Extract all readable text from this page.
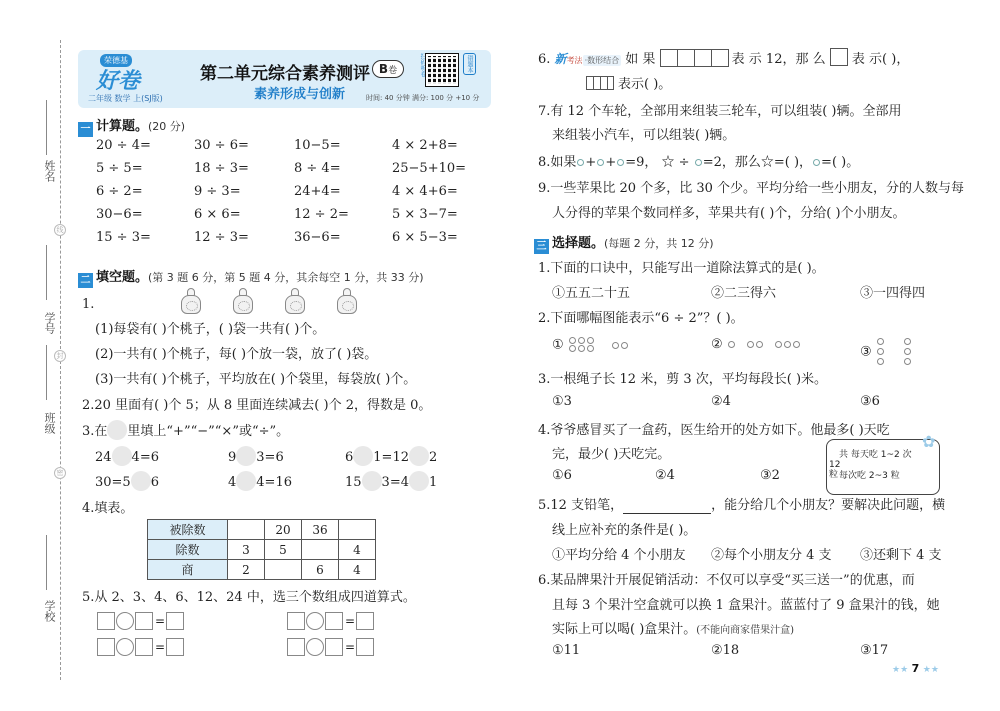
姓名
学号
班级
学校
线
封
密
荣德基
好卷
二年级 数学 上(SJ版)
第二单元综合素养测评 B卷
素养形成与创新
扫码听卷	错题本
时间: 40 分钟 满分: 100 分 +10 分
一 计算题。(20 分)
20 ÷ 4=	30 ÷ 6=	10−5=	4 × 2+8=
5 ÷ 5=	18 ÷ 3=	8 ÷ 4=	25−5+10=
6 ÷ 2=	9 ÷ 3=	24+4=	4 × 4+6=
30−6=	6 × 6=	12 ÷ 2=	5 × 3−7=
15 ÷ 3=	12 ÷ 3=	36−6=	6 × 5−3=
二 填空题。(第 3 题 6 分，第 5 题 4 分，其余每空 1 分，共 33 分)
1.
(1)每袋有( )个桃子，( )袋一共有( )个。
(2)一共有( )个桃子，每( )个放一袋，放了( )袋。
(3)一共有( )个桃子，平均放在( )个袋里，每袋放( )个。
2.20 里面有( )个 5；从 8 里面连续减去( )个 2，得数是 0。
3.在 里填上“+”“−”“×”或“÷”。
24 4=6	9 3=6	6 1=12 2
30=5 6	4 4=16	15 3=4 1
4.填表。
被除数		20	36	
除数	3	5		4
商	2		6	4
5.从 2、3、4、6、12、24 中，选三个数组成四道算式。
=
=
=
=
6. 新考法 ·数形结合 如 果	表 示 12，那 么 表 示( )，
表示( )。
7.有 12 个车轮，全部用来组装三轮车，可以组装( )辆。全部用
来组装小汽车，可以组装( )辆。
8.如果 + + =9， ☆ ÷ =2，那么☆=( )， =( )。
9.一些苹果比 20 个多，比 30 个少。平均分给一些小朋友，分的人数与每
人分得的苹果个数同样多，苹果共有( )个，分给( )个小朋友。
三 选择题。(每题 2 分，共 12 分)
1.下面的口诀中，只能写出一道除法算式的是( )。
①五五二十五	②二三得六	③一四得四
2.下面哪幅图能表示“6 ÷ 2”？( )。
①
	②	③

3.一根绳子长 12 米，剪 3 次，平均每段长( )米。
①3	②4	③6
4.爷爷感冒买了一盒药，医生给开的处方如下。他最多( )天吃
完，最少( )天吃完。
①6	②4	③2
共 每天吃 1~2 次
12
粒 每次吃 2~3 粒
✿
5.12 支铅笔，	，能分给几个小朋友？要解决此问题，横
线上应补充的条件是( )。
①平均分给 4 个小朋友 ②每个小朋友分 4 支 ③还剩下 4 支
6.某品牌果汁开展促销活动：不仅可以享受“买三送一”的优惠，而
且每 3 个果汁空盒就可以换 1 盒果汁。蓝蓝付了 9 盒果汁的钱，她
实际上可以喝( )盒果汁。(不能向商家借果汁盒)
①11	②18	③17
★★ 7 ★★
